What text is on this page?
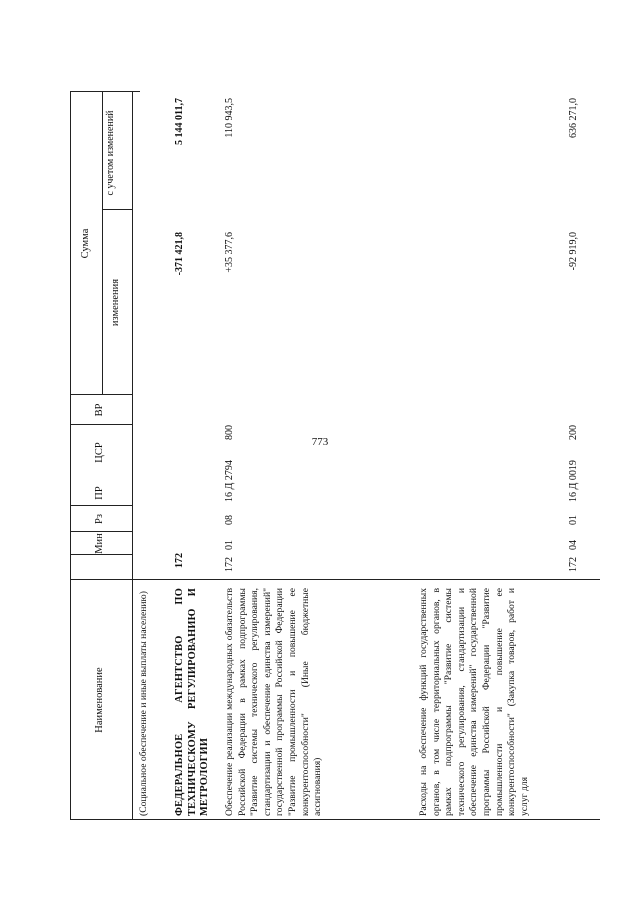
773
Наименование
Мин
Рз
ПР
ЦСР
ВР
Сумма
изменения
с учетом изменений
(Социальное обеспечение и иные выплаты населению) ФЕДЕРАЛЬНОЕ АГЕНТСТВО ПО ТЕХНИЧЕСКОМУ РЕГУЛИРОВАНИЮ И МЕТРОЛОГИИ
172
-371 421,8
5 144 011,7
Обеспечение реализации международных обязательств Российской Федерации в рамках подпрограммы "Развитие системы технического регулирования, стандартизации и обеспечение единства измерений" государственной программы Российской Федерации "Развитие промышленности и повышение ее конкурентоспособности" (Иные бюджетные ассигнования)
172
01
08
16 Д 2794
800
+35 377,6
110 943,5
Расходы на обеспечение функций государственных органов, в том числе территориальных органов, в рамках подпрограммы "Развитие системы технического регулирования, стандартизации и обеспечение единства измерений" государственной программы Российской Федерации "Развитие промышленности и повышение ее конкурентоспособности" (Закупка товаров, работ и услуг для
172
04
01
16 Д 0019
200
-92 919,0
636 271,0
